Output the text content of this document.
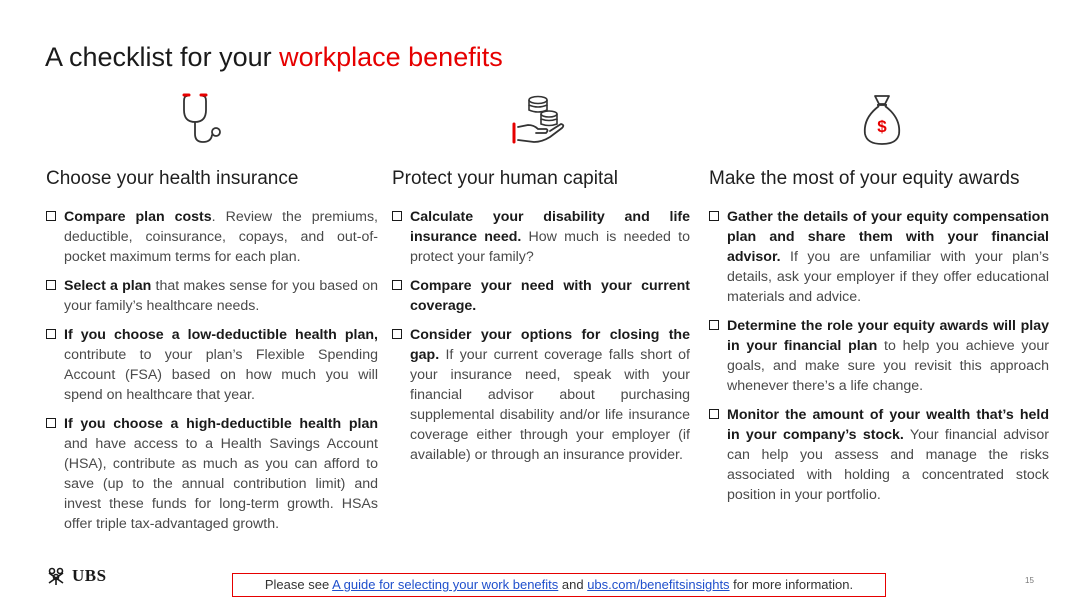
A checklist for your workplace benefits
$
Choose your health insurance
Compare plan costs. Review the premiums, deductible, coinsurance, copays, and out-of-pocket maximum terms for each plan.
Select a plan that makes sense for you based on your family’s healthcare needs.
If you choose a low-deductible health plan, contribute to your plan’s Flexible Spending Account (FSA) based on how much you will spend on healthcare that year.
If you choose a high-deductible health plan and have access to a Health Savings Account (HSA), contribute as much as you can afford to save (up to the annual contribution limit) and invest these funds for long-term growth. HSAs offer triple tax-advantaged growth.
Protect your human capital
Calculate your disability and life insurance need. How much is needed to protect your family?
Compare your need with your current coverage.
Consider your options for closing the gap. If your current coverage falls short of your insurance need, speak with your financial advisor about purchasing supplemental disability and/or life insurance coverage either through your employer (if available) or through an insurance provider.
Make the most of your equity awards
Gather the details of your equity compensation plan and share them with your financial advisor. If you are unfamiliar with your plan’s details, ask your employer if they offer educational materials and advice.
Determine the role your equity awards will play in your financial plan to help you achieve your goals, and make sure you revisit this approach whenever there’s a life change.
Monitor the amount of your wealth that’s held in your company’s stock. Your financial advisor can help you assess and manage the risks associated with holding a concentrated stock position in your portfolio.
UBS	Please see A guide for selecting your work benefits and ubs.com/benefitsinsights for more information.	15
